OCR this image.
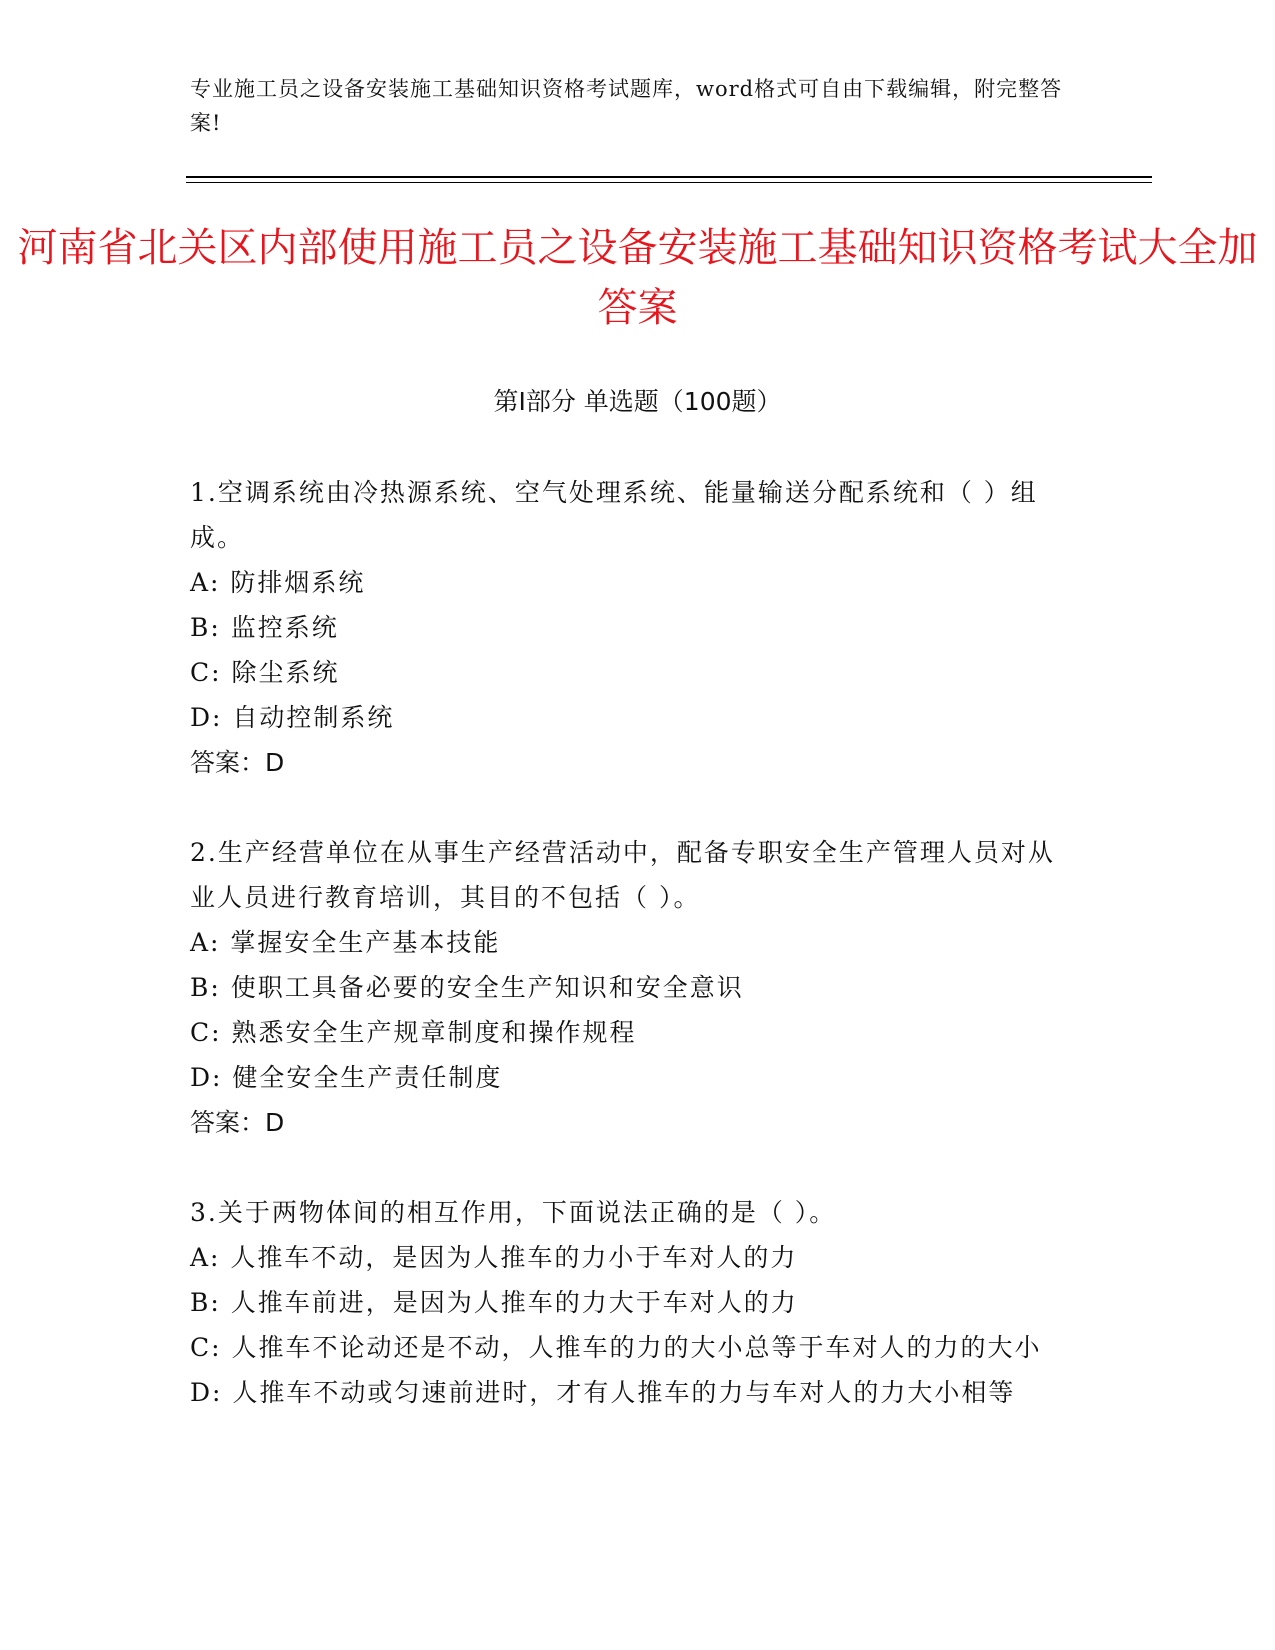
专业施工员之设备安装施工基础知识资格考试题库，word格式可自由下载编辑，附完整答案!
河南省北关区内部使用施工员之设备安装施工基础知识资格考试大全加答案
第Ⅰ部分 单选题（100题）
1.空调系统由冷热源系统、空气处理系统、能量输送分配系统和（ ）组成。
A: 防排烟系统
B: 监控系统
C: 除尘系统
D: 自动控制系统
答案：D
2.生产经营单位在从事生产经营活动中，配备专职安全生产管理人员对从业人员进行教育培训，其目的不包括（ ）。
A: 掌握安全生产基本技能
B: 使职工具备必要的安全生产知识和安全意识
C: 熟悉安全生产规章制度和操作规程
D: 健全安全生产责任制度
答案：D
3.关于两物体间的相互作用，下面说法正确的是（ ）。
A: 人推车不动，是因为人推车的力小于车对人的力
B: 人推车前进，是因为人推车的力大于车对人的力
C: 人推车不论动还是不动，人推车的力的大小总等于车对人的力的大小
D: 人推车不动或匀速前进时，才有人推车的力与车对人的力大小相等
